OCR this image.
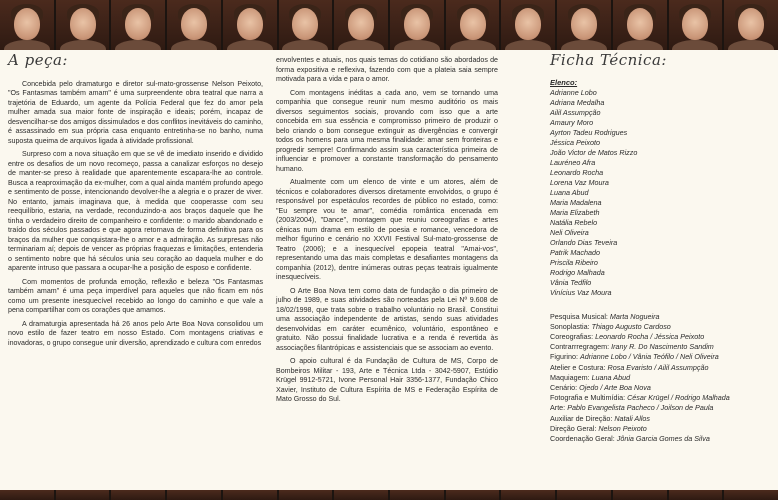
A peça:

Concebida pelo dramaturgo e diretor sul-mato-grossense Nelson Peixoto, "Os Fantasmas também amam" é uma surpreendente obra teatral que narra a trajetória de Eduardo, um agente da Polícia Federal que fez do amor pela mulher amada sua maior fonte de inspiração e ideais; porém, incapaz de desvencilhar-se dos amigos dissimulados e dos conflitos inevitáveis do caminho, é assassinado em sua própria casa enquanto entretinha-se no banho, numa suposta queima de arquivos ligada à atividade profissional.

Surpreso com a nova situação em que se vê de imediato inserido e dividido entre os desafios de um novo recomeço, passa a canalizar esforços no desejo de manter-se preso à realidade que aparentemente escapara-lhe ao controle. Busca a reaproximação da ex-mulher, com a qual ainda mantém profundo apego e sentimento de posse, intencionando devolver-lhe a alegria e o prazer de viver. No entanto, jamais imaginava que, à medida que cooperasse com seu reequilíbrio, estaria, na verdade, reconduzindo-a aos braços daquele que lhe tinha o verdadeiro direito de companheiro e confidente: o marido abandonado e traído dos séculos passados e que agora retornava de forma definitiva para os braços da mulher que conquistara-lhe o amor e a admiração. As surpresas não terminariam aí; depois de vencer as próprias fraquezas e limitações, entenderia o sentimento nobre que há séculos unia seu coração ao daquela mulher e do aparente intruso que passara a ocupar-lhe a posição de esposo e confidente.

Com momentos de profunda emoção, reflexão e beleza "Os Fantasmas também amam" é uma peça imperdível para aqueles que não ficam em nós como um presente inesquecível recebido ao longo do caminho e que vale a pena compartilhar com os corações que amamos.

A dramaturgia apresentada há 26 anos pelo Arte Boa Nova consolidou um novo estilo de fazer teatro em nosso Estado. Com montagens criativas e inovadoras, o grupo consegue unir diversão, aprendizado e cultura com enredos

envolventes e atuais, nos quais temas do cotidiano são abordados de forma expositiva e reflexiva, fazendo com que a plateia saia sempre motivada para a vida e para o amor.

Com montagens inéditas a cada ano, vem se tornando uma companhia que consegue reunir num mesmo auditório os mais diversos seguimentos sociais, provando com isso que a arte concebida em sua essência e compromisso primeiro de produzir o belo criando o bom consegue extinguir as divergências e convergir todos os homens para uma mesma finalidade: amar sem fronteiras e progredir sempre! Confirmando assim sua característica primeira de influenciar e promover a constante transformação do pensamento humano.

Atualmente com um elenco de vinte e um atores, além de técnicos e colaboradores diversos diretamente envolvidos, o grupo é responsável por espetáculos recordes de público no estado, como: "Eu sempre vou te amar", comédia romântica encenada em (2003/2004), "Dance", montagem que reuniu coreografias e artes cênicas num drama em estilo de poesia e romance, vencedora de melhor figurino e cenário no XXVII Festival Sul-mato-grossense de Teatro (2006); e a inesquecível epopeia teatral "Amai-vos", representando uma das mais completas e desafiantes montagens da companhia (2012), dentre inúmeras outras peças teatrais igualmente inesquecíveis.

O Arte Boa Nova tem como data de fundação o dia primeiro de julho de 1989, e suas atividades são norteadas pela Lei Nº 9.608 de 18/02/1998, que trata sobre o trabalho voluntário no Brasil. Constitui uma associação independente de artistas, sendo suas atividades desenvolvidas em caráter ecumênico, voluntário, espontâneo e gratuito. Não possui finalidade lucrativa e a renda é revertida às associações filantrópicas e assistenciais que se associam ao evento.

O apoio cultural é da Fundação de Cultura de MS, Corpo de Bombeiros Militar - 193, Arte e Técnica Ltda - 3042-5907, Estúdio Krügel 9912-5721, Ivone Personal Hair 3356-1377, Fundação Chico Xavier, Instituto de Cultura Espírita de MS e Federação Espírita de Mato Grosso do Sul.

Ficha Técnica:
Elenco:
Adrianne Lobo
Adriana Medalha
Ailil Assumpção
Amaury Moro
Ayrton Tadeu Rodrigues
Jéssica Peixoto
João Victor de Matos Rizzo
Lauréneo Afra
Leonardo Rocha
Lorena Vaz Moura
Luana Abud
Maria Madalena
Maria Elizabeth
Natália Rebelo
Neli Oliveira
Orlando Dias Teveira
Patrik Machado
Priscila Ribeiro
Rodrigo Malhada
Vânia Tedfilo
Vinícius Vaz Moura
Pesquisa Musical: Marta Nogueira
Sonoplastia: Thiago Augusto Cardoso
Coreografias: Leonardo Rocha / Jéssica Peixoto
Contrarrregragem: Irany R. Do Nascimento Sandim
Figurino: Adrianne Lobo / Vânia Teófilo / Neli Oliveira
Atelier e Costura: Rosa Evaristo / Ailil Assumpção
Maquiagem: Luana Abud
Cenário: Ojedo / Arte Boa Nova
Fotografia e Multimídia: César Krügel / Rodrigo Malhada
Arte: Pablo Evangelista Pacheco / Joilson de Paula
Auxiliar de Direção: Natali Allos
Direção Geral: Nelson Peixoto
Coordenação Geral: Jônia Garcia Gomes da Silva
